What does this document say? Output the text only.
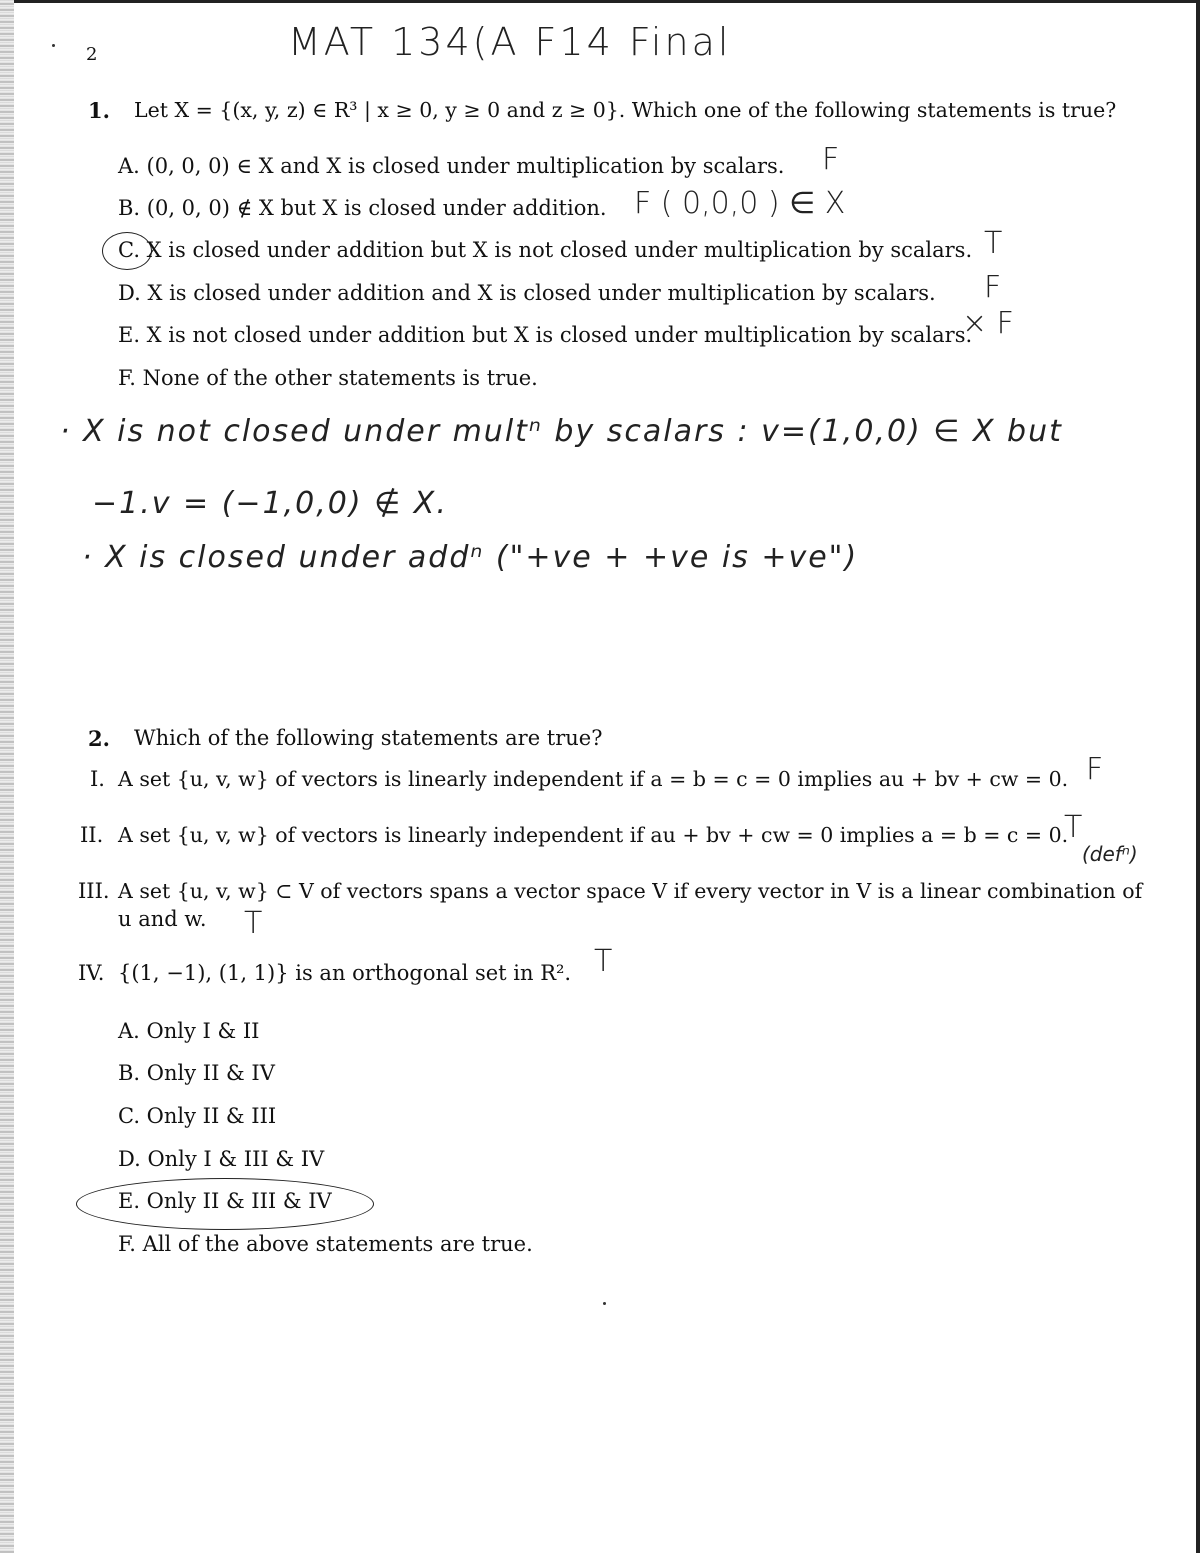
2	MAT 134(A F14 Final
1. Let X = {(x, y, z) ∈ R³ | x ≥ 0, y ≥ 0 and z ≥ 0}. Which one of the following statements is true?
A. (0, 0, 0) ∈ X and X is closed under multiplication by scalars. F
B. (0, 0, 0) ∉ X but X is closed under addition. F ( 0,0,0 ) ∈ X
C. X is closed under addition but X is not closed under multiplication by scalars. T
D. X is closed under addition and X is closed under multiplication by scalars. F
E. X is not closed under addition but X is closed under multiplication by scalars.
× F
F. None of the other statements is true.
· X is not closed under multⁿ by scalars : v=(1,0,0) ∈ X but
−1.v = (−1,0,0) ∉ X.
· X is closed under addⁿ ("+ve + +ve is +ve")
2. Which of the following statements are true?
I. A set {u, v, w} of vectors is linearly independent if a = b = c = 0 implies au + bv + cw = 0. F
II. A set {u, v, w} of vectors is linearly independent if au + bv + cw = 0 implies a = b = c = 0.
T
(defⁿ)
III. A set {u, v, w} ⊂ V of vectors spans a vector space V if every vector in V is a linear combination of
u and w. T
IV. {(1, −1), (1, 1)} is an orthogonal set in R². T
A. Only I & II
B. Only II & IV
C. Only II & III
D. Only I & III & IV
E. Only II & III & IV
F. All of the above statements are true.
